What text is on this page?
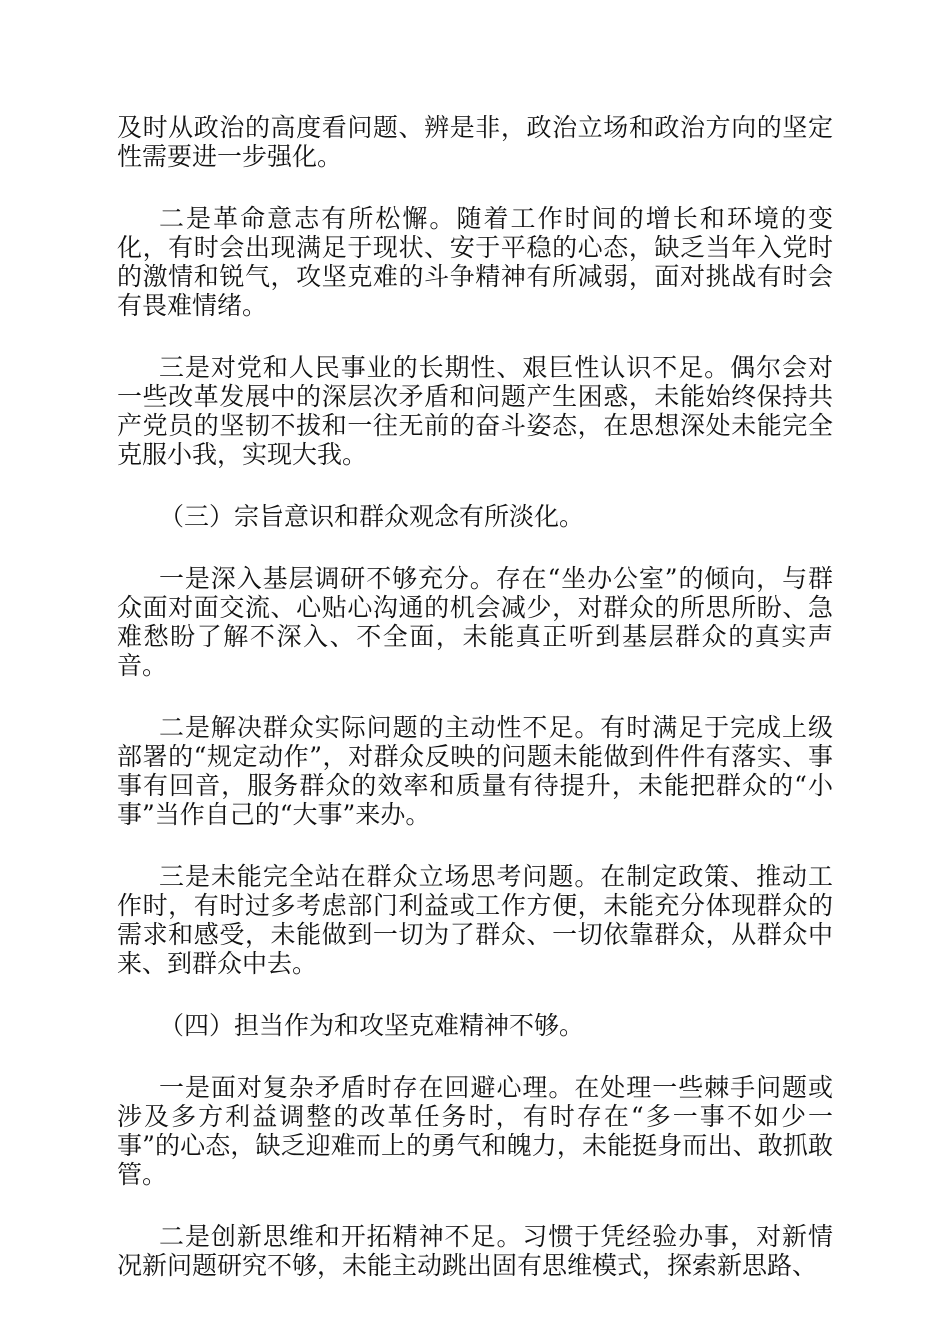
及时从政治的高度看问题、辨是非，政治立场和政治方向的坚定性需要进一步强化。

二是革命意志有所松懈。随着工作时间的增长和环境的变化，有时会出现满足于现状、安于平稳的心态，缺乏当年入党时的激情和锐气，攻坚克难的斗争精神有所减弱，面对挑战有时会有畏难情绪。

三是对党和人民事业的长期性、艰巨性认识不足。偶尔会对一些改革发展中的深层次矛盾和问题产生困惑，未能始终保持共产党员的坚韧不拔和一往无前的奋斗姿态，在思想深处未能完全克服小我，实现大我。

（三）宗旨意识和群众观念有所淡化。

一是深入基层调研不够充分。存在“坐办公室”的倾向，与群众面对面交流、心贴心沟通的机会减少，对群众的所思所盼、急难愁盼了解不深入、不全面，未能真正听到基层群众的真实声音。

二是解决群众实际问题的主动性不足。有时满足于完成上级部署的“规定动作”，对群众反映的问题未能做到件件有落实、事事有回音，服务群众的效率和质量有待提升，未能把群众的“小事”当作自己的“大事”来办。

三是未能完全站在群众立场思考问题。在制定政策、推动工作时，有时过多考虑部门利益或工作方便，未能充分体现群众的需求和感受，未能做到一切为了群众、一切依靠群众，从群众中来、到群众中去。

（四）担当作为和攻坚克难精神不够。

一是面对复杂矛盾时存在回避心理。在处理一些棘手问题或涉及多方利益调整的改革任务时，有时存在“多一事不如少一事”的心态，缺乏迎难而上的勇气和魄力，未能挺身而出、敢抓敢管。

二是创新思维和开拓精神不足。习惯于凭经验办事，对新情况新问题研究不够，未能主动跳出固有思维模式，探索新思路、
